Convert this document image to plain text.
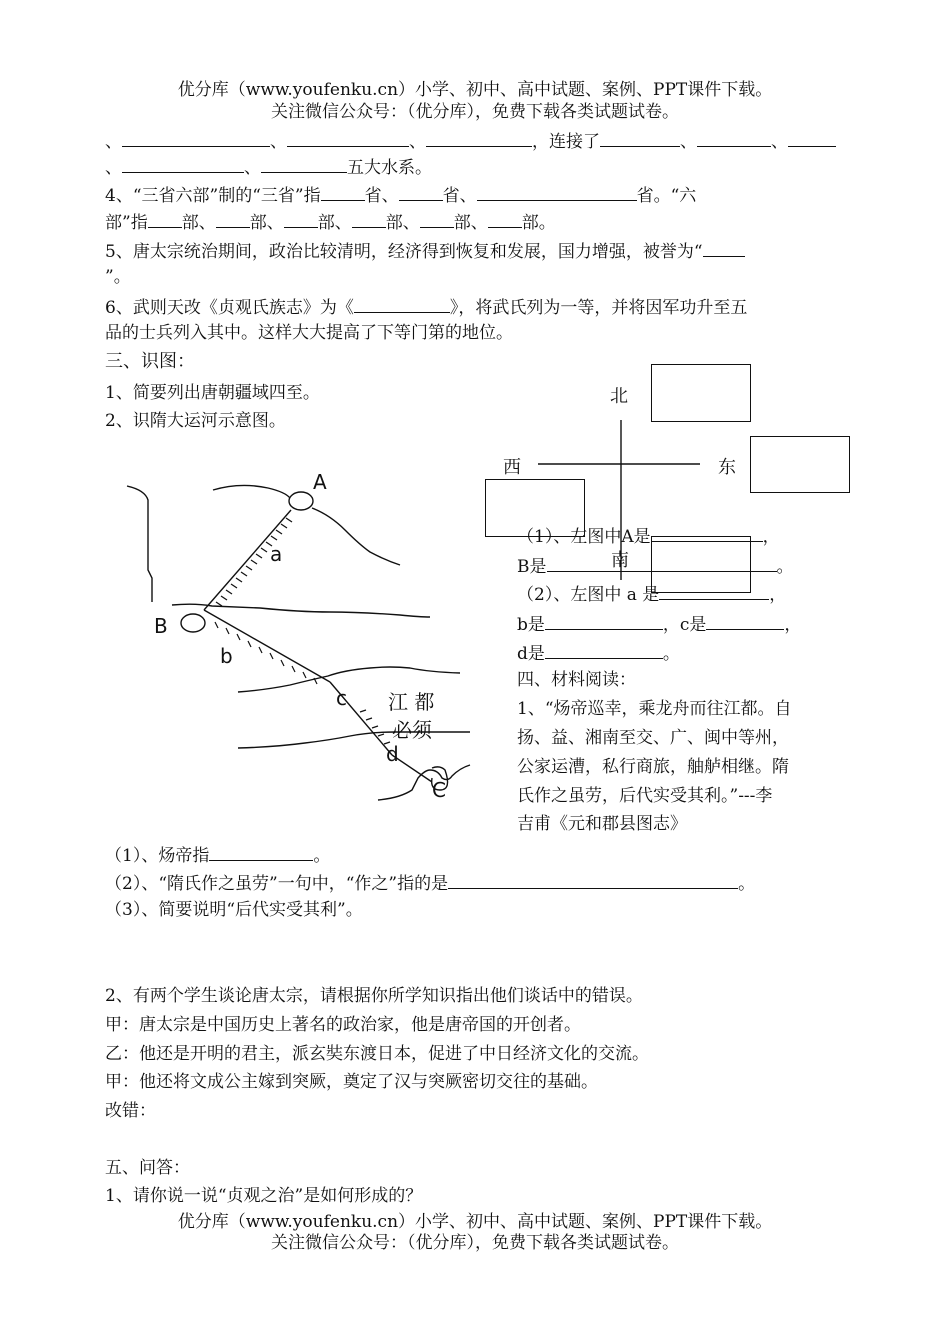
优分库（www.youfenku.cn）小学、初中、高中试题、案例、PPT课件下载。
关注微信公众号：（优分库），免费下载各类试题试卷。
、	、	、	，连接了	、	、
、	、	五大水系。
4、“三省六部”制的“三省”指	省、	省、	省。“六
部”指 部、 部、 部、 部、 部、 部。
5、唐太宗统治期间，政治比较清明，经济得到恢复和发展，国力增强，被誉为“
”。
6、武则天改《贞观氏族志》为《	》，将武氏列为一等，并将因军功升至五
品的士兵列入其中。这样大大提高了下等门第的地位。
三、识图：
1、简要列出唐朝疆域四至。
2、识隋大运河示意图。
A
B
C
a
b
c
d
江 都
必须
北
西	东
南
（1）、左图中A是	，
B是	。
（2）、左图中 a 是	，
b是	，c是	，
d是	。
四、材料阅读：
1、“炀帝巡幸，乘龙舟而往江都。自
扬、益、湘南至交、广、闽中等州，
公家运漕，私行商旅，舳舻相继。隋
氏作之虽劳，后代实受其利。”---李
吉甫《元和郡县图志》
（1）、炀帝指	。
（2）、“隋氏作之虽劳”一句中，“作之”指的是	。
（3）、简要说明“后代实受其利”。
2、有两个学生谈论唐太宗，请根据你所学知识指出他们谈话中的错误。
甲：唐太宗是中国历史上著名的政治家，他是唐帝国的开创者。
乙：他还是开明的君主，派玄奘东渡日本，促进了中日经济文化的交流。
甲：他还将文成公主嫁到突厥，奠定了汉与突厥密切交往的基础。
改错：
五、问答：
1、请你说一说“贞观之治”是如何形成的？
优分库（www.youfenku.cn）小学、初中、高中试题、案例、PPT课件下载。
关注微信公众号：（优分库），免费下载各类试题试卷。
